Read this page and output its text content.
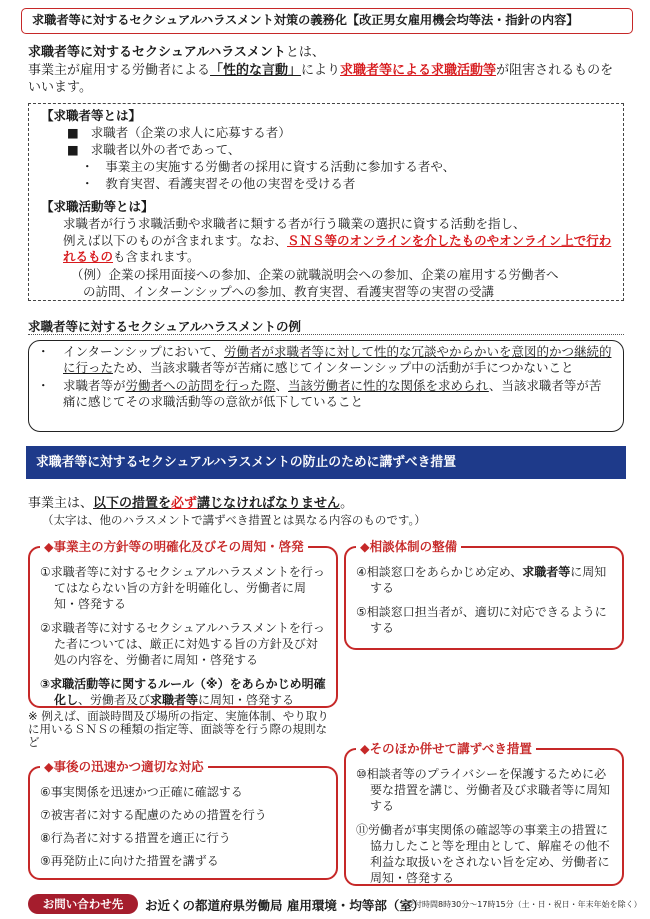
求職者等に対するセクシュアルハラスメント対策の義務化【改正男女雇用機会均等法・指針の内容】
求職者等に対するセクシュアルハラスメントとは、
事業主が雇用する労働者による「性的な言動」により求職者等による求職活動等が阻害されるものをいいます。
【求職者等とは】
■   求職者（企業の求人に応募する者）
■   求職者以外の者であって、
・   事業主の実施する労働者の採用に資する活動に参加する者や、
・   教育実習、看護実習その他の実習を受ける者
【求職活動等とは】
求職者が行う求職活動や求職者に類する者が行う職業の選択に資する活動を指し、
例えば以下のものが含まれます。なお、ＳＮＳ等のオンラインを介したものやオンライン上で行われるものも含まれます。
（例）企業の採用面接への参加、企業の就職説明会への参加、企業の雇用する労働者へ
の訪問、インターンシップへの参加、教育実習、看護実習等の実習の受講
求職者等に対するセクシュアルハラスメントの例
・	インターンシップにおいて、労働者が求職者等に対して性的な冗談やからかいを意図的かつ継続的に行ったため、当該求職者等が苦痛に感じてインターンシップ中の活動が手につかないこと
・	求職者等が労働者への訪問を行った際、当該労働者に性的な関係を求められ、当該求職者等が苦痛に感じてその求職活動等の意欲が低下していること
求職者等に対するセクシュアルハラスメントの防止のために講ずべき措置
事業主は、以下の措置を必ず講じなければなりません。
（太字は、他のハラスメントで講ずべき措置とは異なる内容のものです。）
◆事業主の方針等の明確化及びその周知・啓発

①求職者等に対するセクシュアルハラスメントを行ってはならない旨の方針を明確化し、労働者に周知・啓発する

②求職者等に対するセクシュアルハラスメントを行った者については、厳正に対処する旨の方針及び対処の内容を、労働者に周知・啓発する

③求職活動等に関するルール（※）をあらかじめ明確化し、労働者及び求職者等に周知・啓発する

◆相談体制の整備

④相談窓口をあらかじめ定め、求職者等に周知する

⑤相談窓口担当者が、適切に対応できるようにする

※ 例えば、面談時間及び場所の指定、実施体制、やり取りに用いるＳＮＳの種類の指定等、面談等を行う際の規則など
◆事後の迅速かつ適切な対応

⑥事実関係を迅速かつ正確に確認する

⑦被害者に対する配慮のための措置を行う

⑧行為者に対する措置を適正に行う

⑨再発防止に向けた措置を講ずる

◆そのほか併せて講ずべき措置

⑩相談者等のプライバシーを保護するために必要な措置を講じ、労働者及び求職者等に周知する

⑪労働者が事実関係の確認等の事業主の措置に協力したこと等を理由として、解雇その他不利益な取扱いをされない旨を定め、労働者に周知・啓発する

お問い合わせ先	お近くの都道府県労働局 雇用環境・均等部（室）
受付時間8時30分～17時15分（土・日・祝日・年末年始を除く）
